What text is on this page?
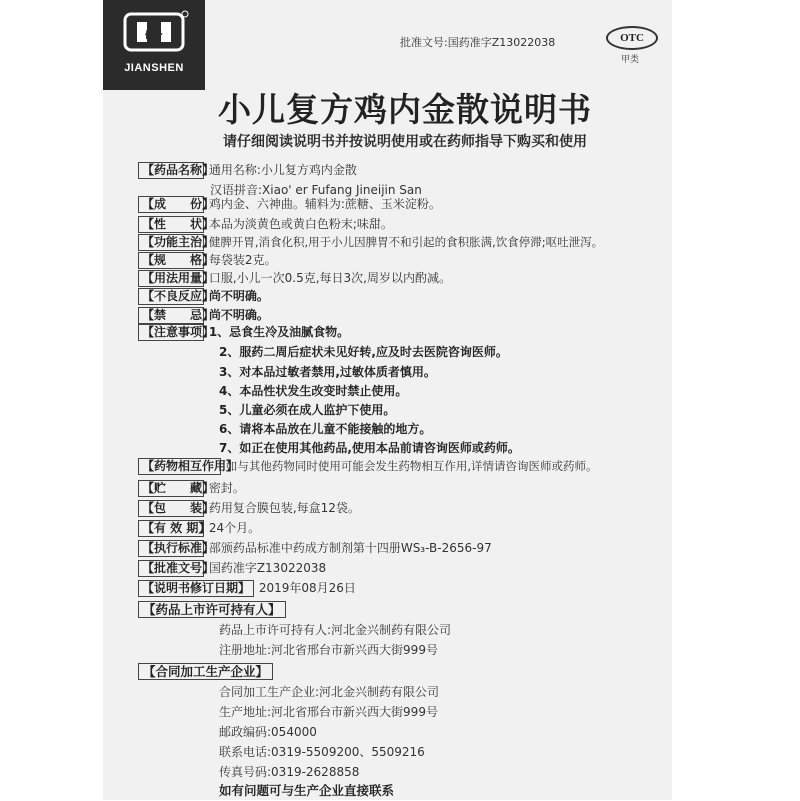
健身
JIANSHEN
批准文号:国药准字Z13022038	OTC
甲类
小儿复方鸡内金散说明书
请仔细阅读说明书并按说明使用或在药师指导下购买和使用
【药品名称】 通用名称:小儿复方鸡内金散
汉语拼音:Xiao' er Fufang Jineijin San
【成　　份】 鸡内金、六神曲。辅料为:蔗糖、玉米淀粉。
【性　　状】 本品为淡黄色或黄白色粉末;味甜。
【功能主治】 健脾开胃,消食化积,用于小儿因脾胃不和引起的食积胀满,饮食停滞;呕吐泄泻。
【规　　格】 每袋装2克。
【用法用量】 口服,小儿一次0.5克,每日3次,周岁以内酌减。
【不良反应】 尚不明确。
【禁　　忌】 尚不明确。
【注意事项】 1、忌食生冷及油腻食物。
2、服药二周后症状未见好转,应及时去医院咨询医师。
3、对本品过敏者禁用,过敏体质者慎用。
4、本品性状发生改变时禁止使用。
5、儿童必须在成人监护下使用。
6、请将本品放在儿童不能接触的地方。
7、如正在使用其他药品,使用本品前请咨询医师或药师。
【药物相互作用】 如与其他药物同时使用可能会发生药物相互作用,详情请咨询医师或药师。
【贮　　藏】 密封。
【包　　装】 药用复合膜包装,每盒12袋。
【有 效 期】 24个月。
【执行标准】 部颁药品标准中药成方制剂第十四册WS₃-B-2656-97
【批准文号】 国药准字Z13022038
【说明书修订日期】 2019年08月26日
【药品上市许可持有人】
药品上市许可持有人:河北金兴制药有限公司
注册地址:河北省邢台市新兴西大街999号
【合同加工生产企业】
合同加工生产企业:河北金兴制药有限公司
生产地址:河北省邢台市新兴西大街999号
邮政编码:054000
联系电话:0319-5509200、5509216
传真号码:0319-2628858
如有问题可与生产企业直接联系
